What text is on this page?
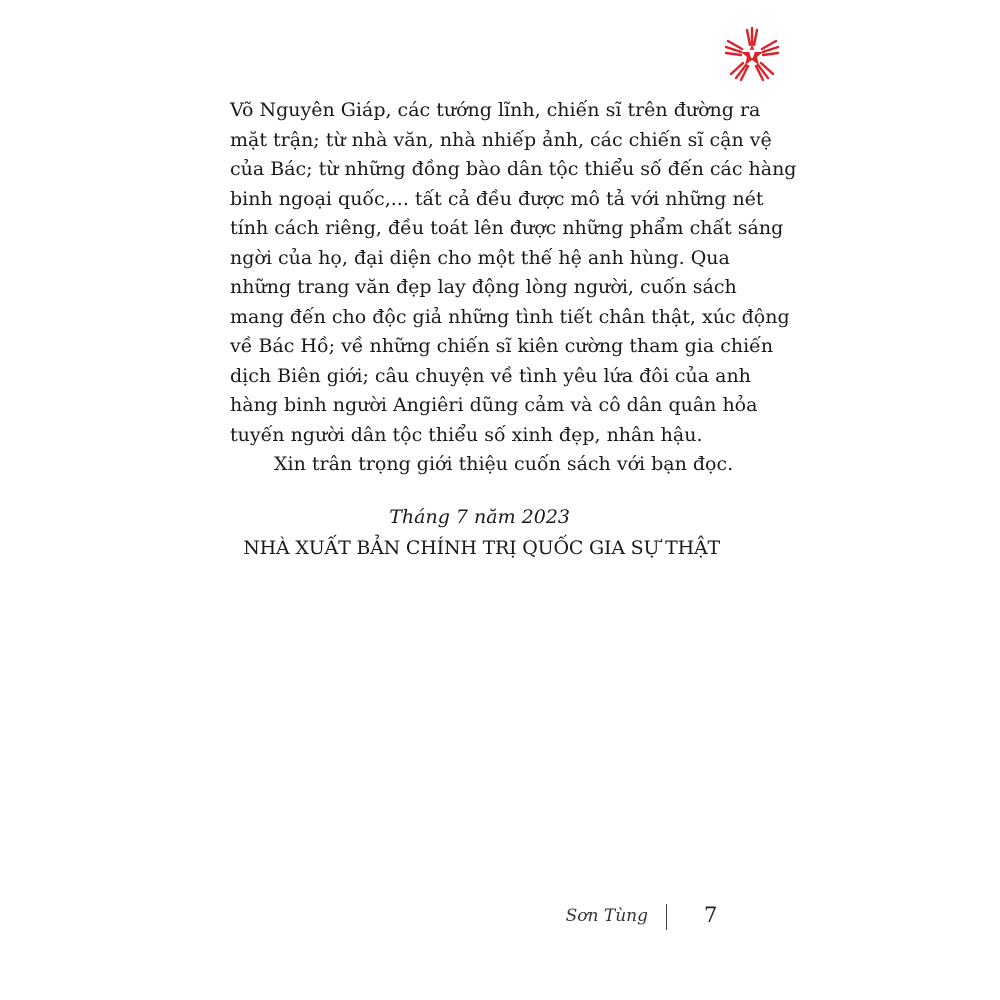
Võ Nguyên Giáp, các tướng lĩnh, chiến sĩ trên đường ra
mặt trận; từ nhà văn, nhà nhiếp ảnh, các chiến sĩ cận vệ
của Bác; từ những đồng bào dân tộc thiểu số đến các hàng
binh ngoại quốc,... tất cả đều được mô tả với những nét
tính cách riêng, đều toát lên được những phẩm chất sáng
ngời của họ, đại diện cho một thế hệ anh hùng. Qua
những trang văn đẹp lay động lòng người, cuốn sách
mang đến cho độc giả những tình tiết chân thật, xúc động
về Bác Hồ; về những chiến sĩ kiên cường tham gia chiến
dịch Biên giới; câu chuyện về tình yêu lứa đôi của anh
hàng binh người Angiêri dũng cảm và cô dân quân hỏa
tuyến người dân tộc thiểu số xinh đẹp, nhân hậu.
Xin trân trọng giới thiệu cuốn sách với bạn đọc.
Tháng 7 năm 2023
NHÀ XUẤT BẢN CHÍNH TRỊ QUỐC GIA SỰ THẬT
Sơn Tùng	7
